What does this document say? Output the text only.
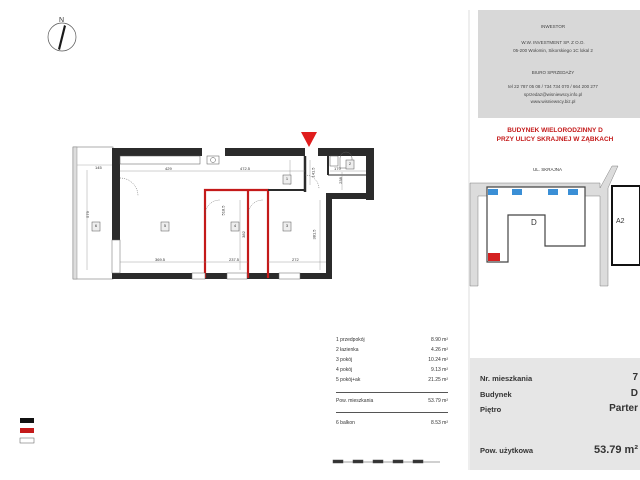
N
1
2
3
4
5
6
145	429	472.5	179
579	518.5
369.5	237.5	272
382	381.5
141.5
238
INWESTOR
W.W. INVESTMENT SP. Z O.O.
05-200 Wołomin, Sikorskiego 1C lokal 2
BIURO SPRZEDAŻY
tel 22 787 05 08 / 734 734 070 / 664 200 277
sprzedaz@wisniewscy.info.pl
www.wisniewscy.biz.pl
BUDYNEK WIELORODZINNY D
PRZY ULICY SKRAJNEJ W ZĄBKACH
UL. SKRAJNA
D	A2
1 przedpokój	8.90 m²
2 łazienka	4.26 m²
3 pokój	10.24 m²
4 pokój	9.13 m²
5 pokój+ak	21.25 m²
Pow. mieszkania	53.79 m²
6 balkon	8.53 m²
Nr. mieszkania	7
Budynek	D
Piętro	Parter
Pow. użytkowa	53.79 m²
